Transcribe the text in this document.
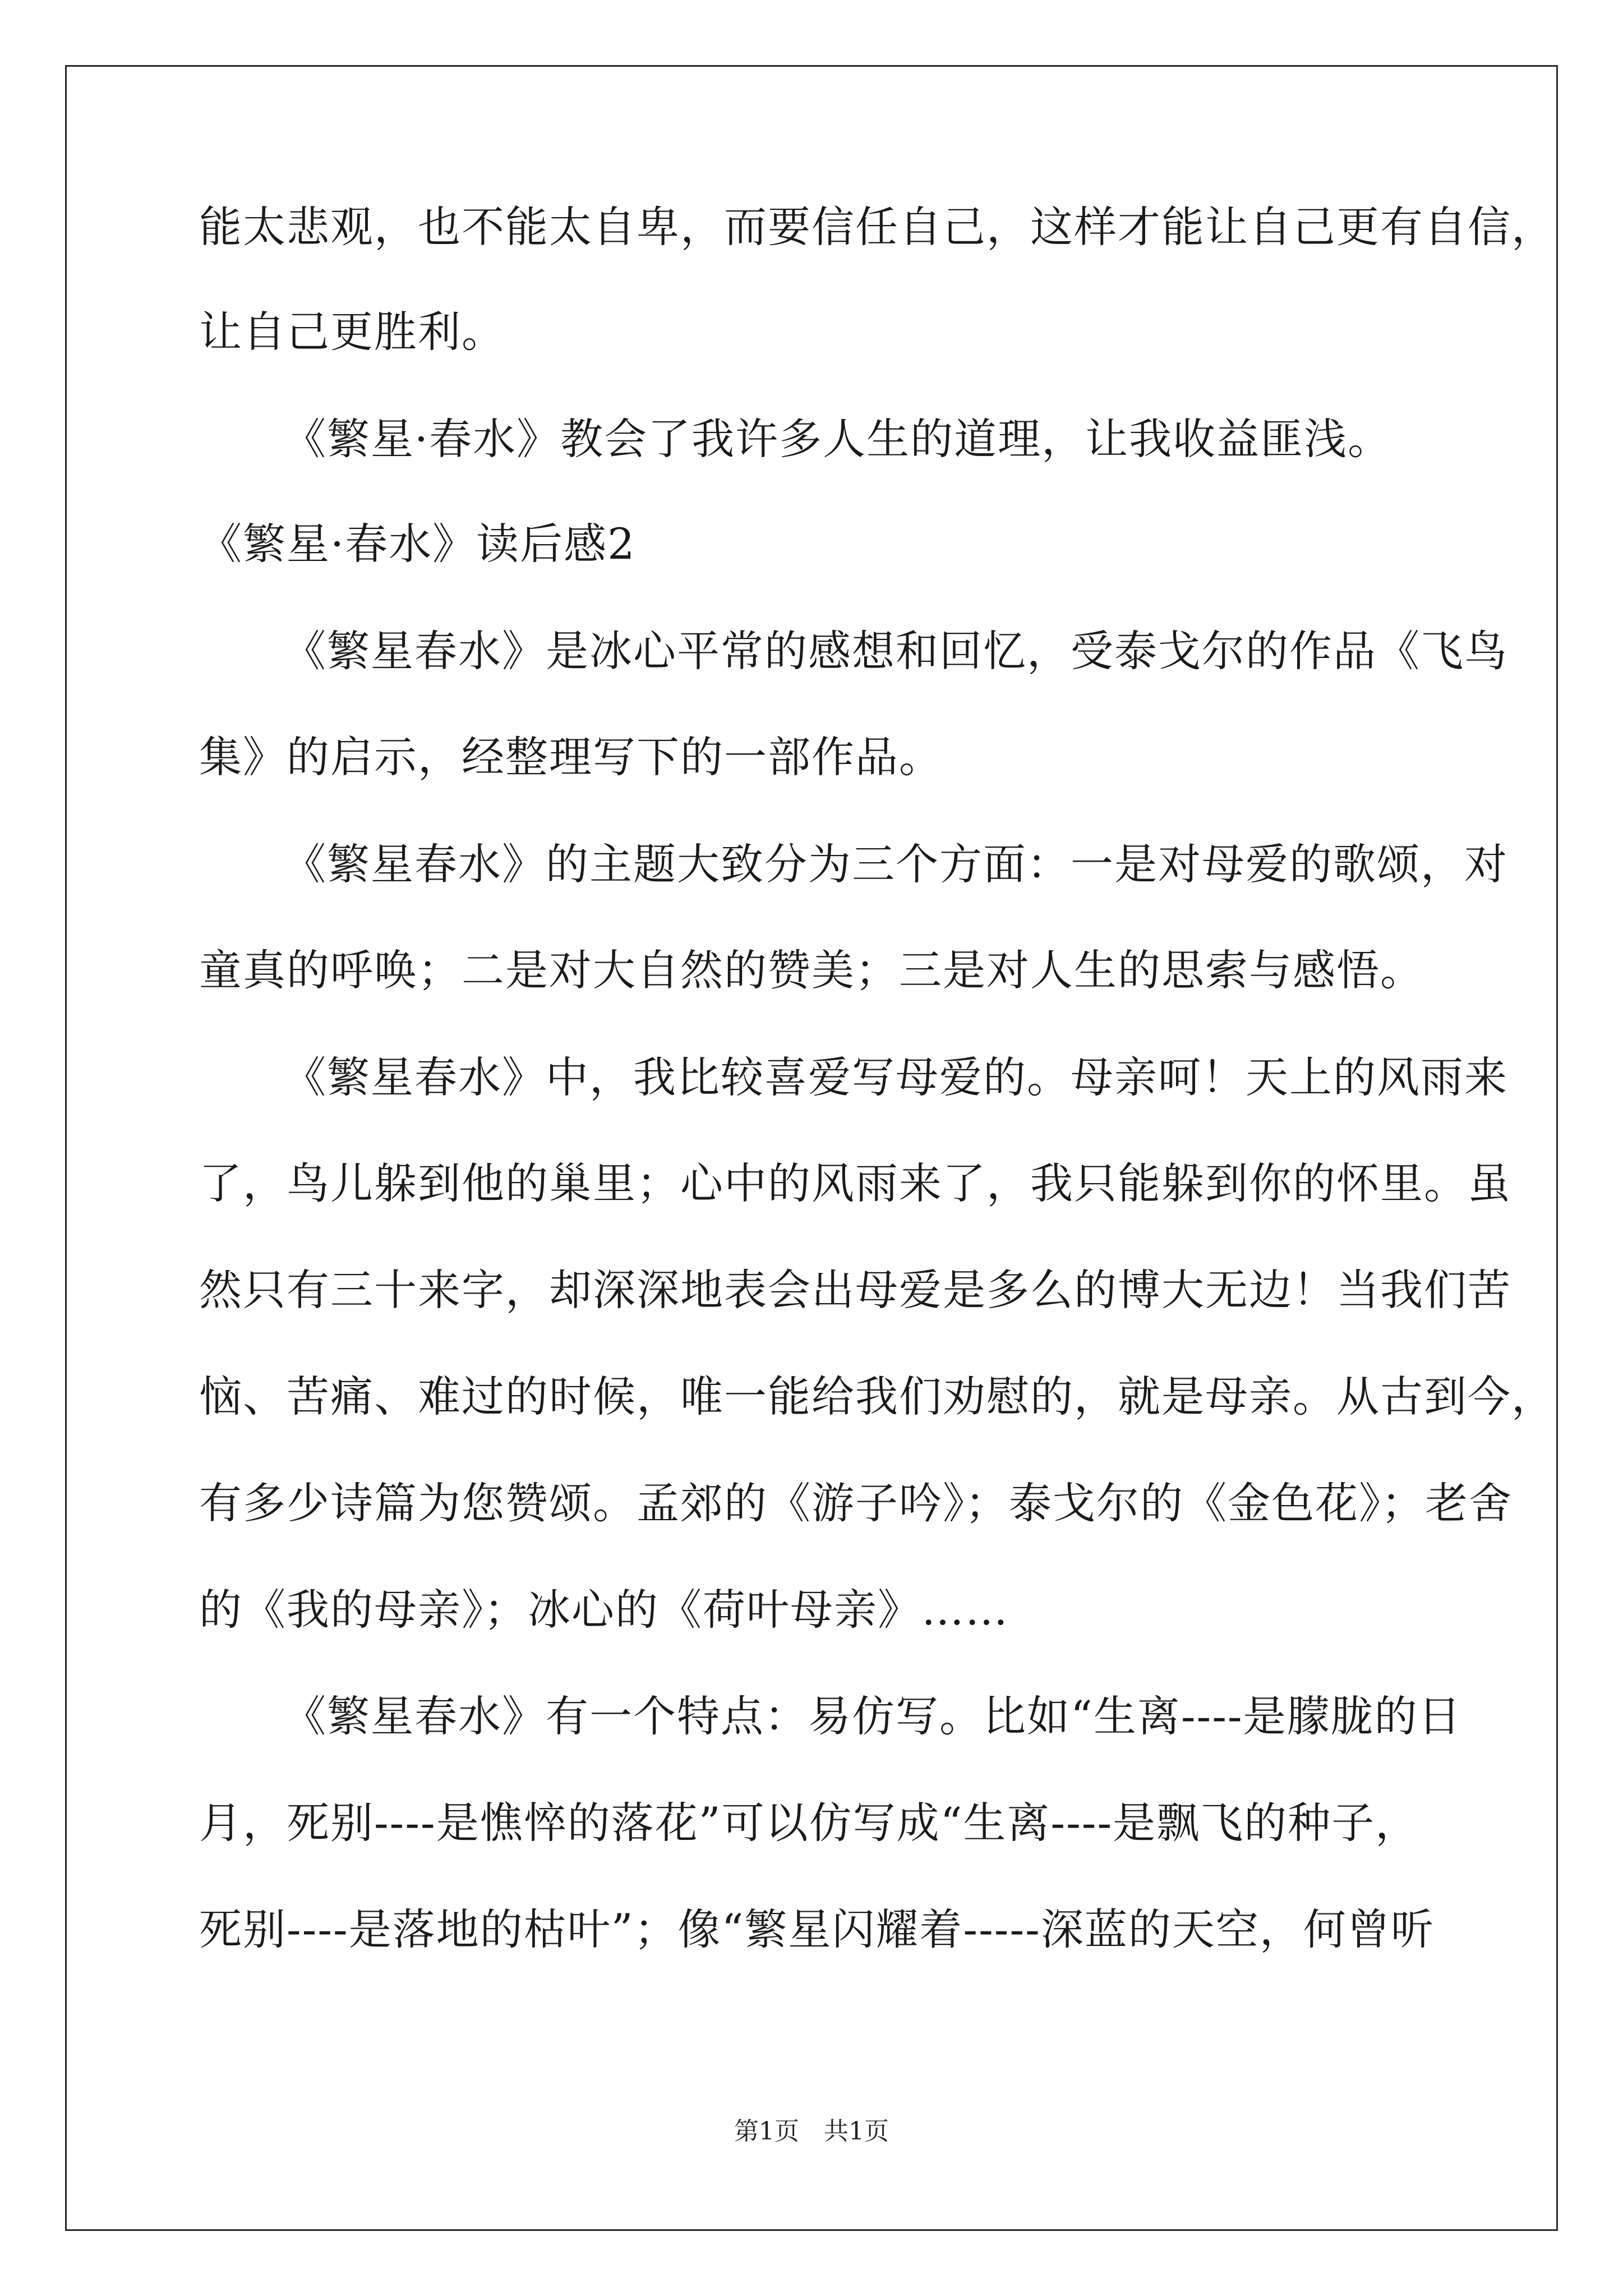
能太悲观，也不能太自卑，而要信任自己，这样才能让自己更有自信，
让自己更胜利。
《繁星·春水》教会了我许多人生的道理，让我收益匪浅。
《繁星·春水》读后感2
《繁星春水》是冰心平常的感想和回忆，受泰戈尔的作品《飞鸟
集》的启示，经整理写下的一部作品。
《繁星春水》的主题大致分为三个方面：一是对母爱的歌颂，对
童真的呼唤；二是对大自然的赞美；三是对人生的思索与感悟。
《繁星春水》中，我比较喜爱写母爱的。母亲呵！天上的风雨来
了，鸟儿躲到他的巢里；心中的风雨来了，我只能躲到你的怀里。虽
然只有三十来字，却深深地表会出母爱是多么的博大无边！当我们苦
恼、苦痛、难过的时候，唯一能给我们劝慰的，就是母亲。从古到今，
有多少诗篇为您赞颂。孟郊的《游子吟》；泰戈尔的《金色花》；老舍
的《我的母亲》；冰心的《荷叶母亲》……
《繁星春水》有一个特点：易仿写。比如“生离----是朦胧的日
月，死别----是憔悴的落花”可以仿写成“生离----是飘飞的种子，
死别----是落地的枯叶”；像“繁星闪耀着-----深蓝的天空，何曾听
第1页　共1页
